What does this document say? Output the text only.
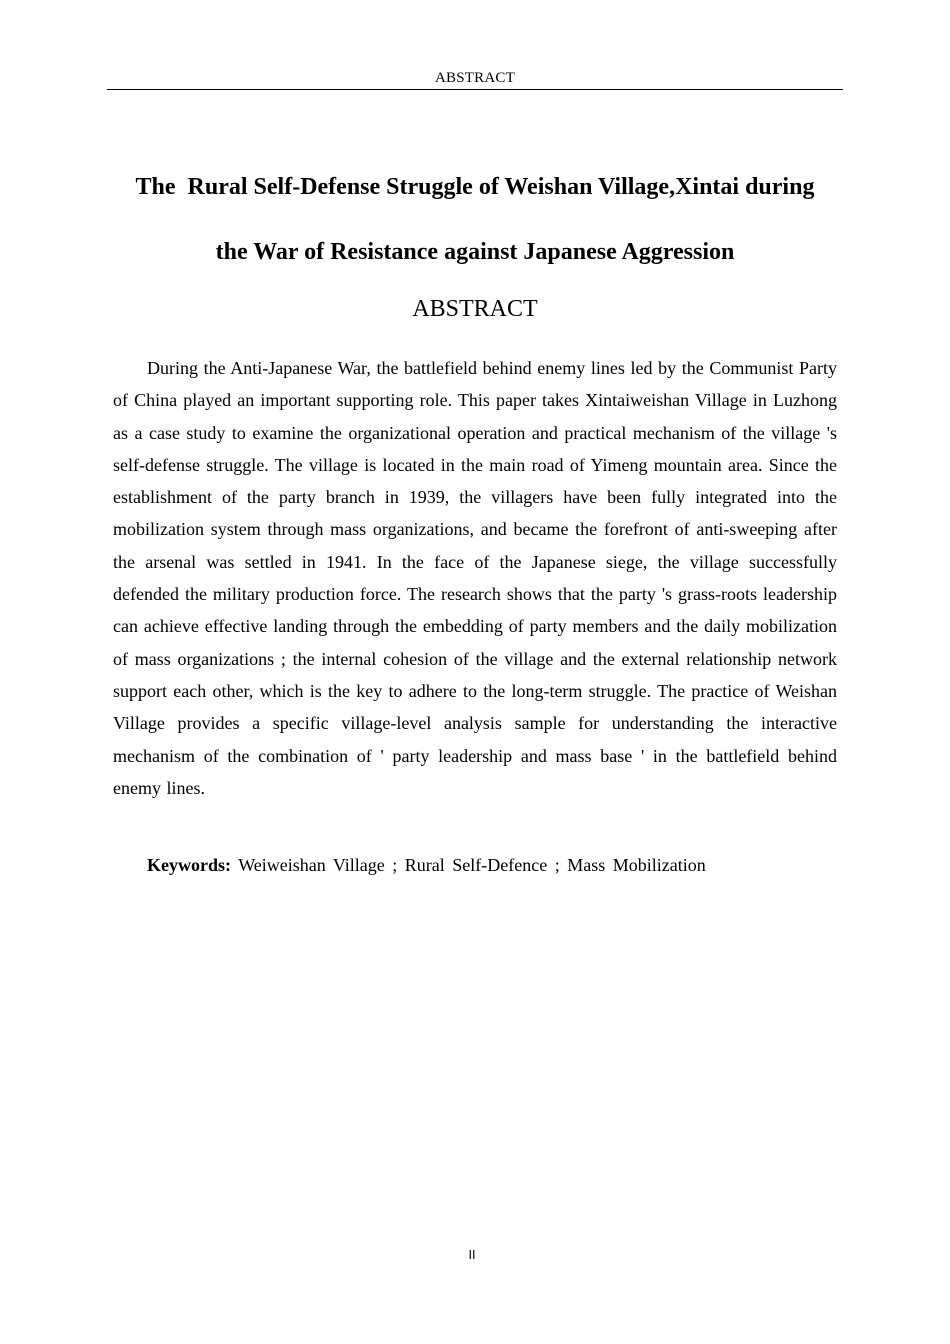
ABSTRACT
The  Rural Self-Defense Struggle of Weishan Village,Xintai during
the War of Resistance against Japanese Aggression
ABSTRACT

During the Anti-Japanese War, the battlefield behind enemy lines led by the Communist Party of China played an important supporting role. This paper takes Xintaiweishan Village in Luzhong as a case study to examine the organizational operation and practical mechanism of the village 's self-defense struggle. The village is located in the main road of Yimeng mountain area. Since the establishment of the party branch in 1939, the villagers have been fully integrated into the mobilization system through mass organizations, and became the forefront of anti-sweeping after the arsenal was settled in 1941. In the face of the Japanese siege, the village successfully defended the military production force. The research shows that the party 's grass-roots leadership can achieve effective landing through the embedding of party members and the daily mobilization of mass organizations ; the internal cohesion of the village and the external relationship network support each other, which is the key to adhere to the long-term struggle. The practice of Weishan Village provides a specific village-level analysis sample for understanding the interactive mechanism of the combination of ' party leadership and mass base ' in the battlefield behind enemy lines.

Keywords: Weiweishan Village ; Rural Self-Defence ; Mass Mobilization

II
